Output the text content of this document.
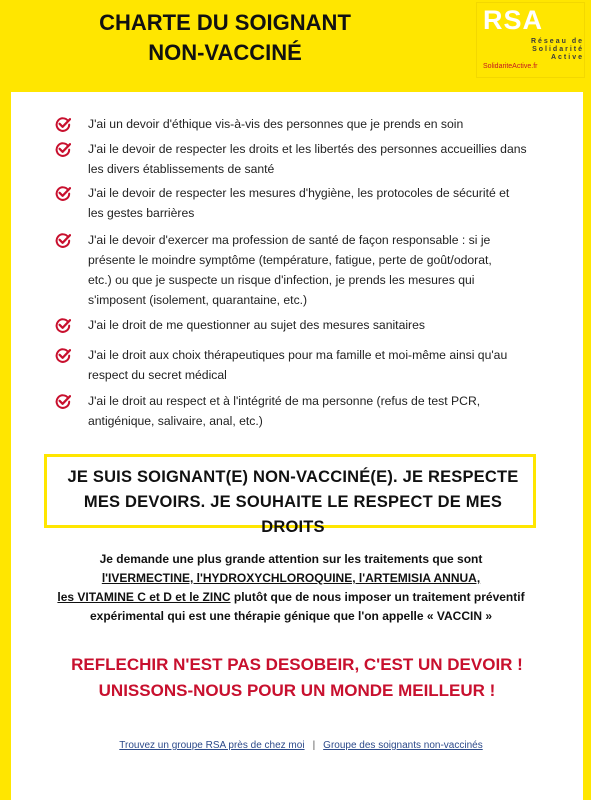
CHARTE DU SOIGNANT
NON-VACCINÉ
RSA
Réseau de
Solidarité Active
SolidariteActive.fr
J'ai un devoir d'éthique vis-à-vis des personnes que je prends en soin
J'ai le devoir de respecter les droits et les libertés des personnes accueillies dans
les divers établissements de santé
J'ai le devoir de respecter les mesures d'hygiène, les protocoles de sécurité et
les gestes barrières
J'ai le devoir d'exercer ma profession de santé de façon responsable : si je
présente le moindre symptôme (température, fatigue, perte de goût/odorat,
etc.) ou que je suspecte un risque d'infection, je prends les mesures qui
s'imposent (isolement, quarantaine, etc.)
J'ai le droit de me questionner au sujet des mesures sanitaires
J'ai le droit aux choix thérapeutiques pour ma famille et moi-même ainsi qu'au
respect du secret médical
J'ai le droit au respect et à l'intégrité de ma personne (refus de test PCR,
antigénique, salivaire, anal, etc.)
JE SUIS SOIGNANT(E) NON-VACCINÉ(E). JE RESPECTE
MES DEVOIRS. JE SOUHAITE LE RESPECT DE MES DROITS
Je demande une plus grande attention sur les traitements que sont
l'IVERMECTINE, l'HYDROXYCHLOROQUINE, l'ARTEMISIA ANNUA,
les VITAMINE C et D et le ZINC plutôt que de nous imposer un traitement préventif
expérimental qui est une thérapie génique que l'on appelle « VACCIN »
REFLECHIR N'EST PAS DESOBEIR, C'EST UN DEVOIR !
UNISSONS-NOUS POUR UN MONDE MEILLEUR !
Trouvez un groupe RSA près de chez moi | Groupe des soignants non-vaccinés
